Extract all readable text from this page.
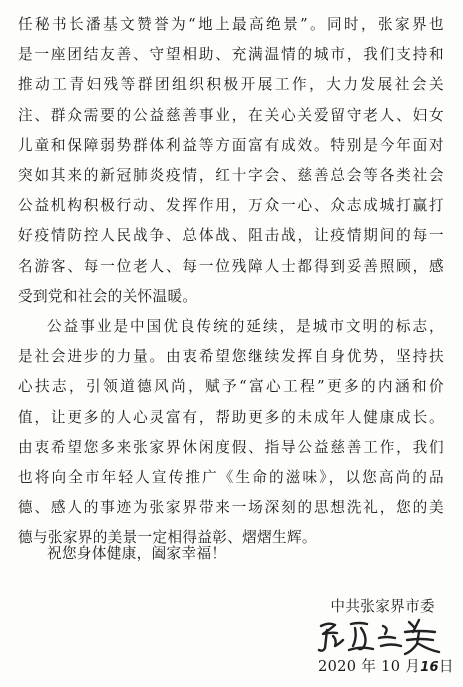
任秘书长潘基文赞誉为“地上最高绝景”。同时，张家界也
是一座团结友善、守望相助、充满温情的城市，我们支持和
推动工青妇残等群团组织积极开展工作，大力发展社会关
注、群众需要的公益慈善事业，在关心关爱留守老人、妇女
儿童和保障弱势群体利益等方面富有成效。特别是今年面对
突如其来的新冠肺炎疫情，红十字会、慈善总会等各类社会
公益机构积极行动、发挥作用，万众一心、众志成城打赢打
好疫情防控人民战争、总体战、阻击战，让疫情期间的每一
名游客、每一位老人、每一位残障人士都得到妥善照顾，感
受到党和社会的关怀温暖。
公益事业是中国优良传统的延续，是城市文明的标志，
是社会进步的力量。由衷希望您继续发挥自身优势，坚持扶
心扶志，引领道德风尚，赋予“富心工程”更多的内涵和价
值，让更多的人心灵富有，帮助更多的未成年人健康成长。
由衷希望您多来张家界休闲度假、指导公益慈善工作，我们
也将向全市年轻人宣传推广《生命的滋味》，以您高尚的品
德、感人的事迹为张家界带来一场深刻的思想洗礼，您的美
德与张家界的美景一定相得益彰、熠熠生辉。
祝您身体健康，阖家幸福！
中共张家界市委
2020 年 10 月16日
